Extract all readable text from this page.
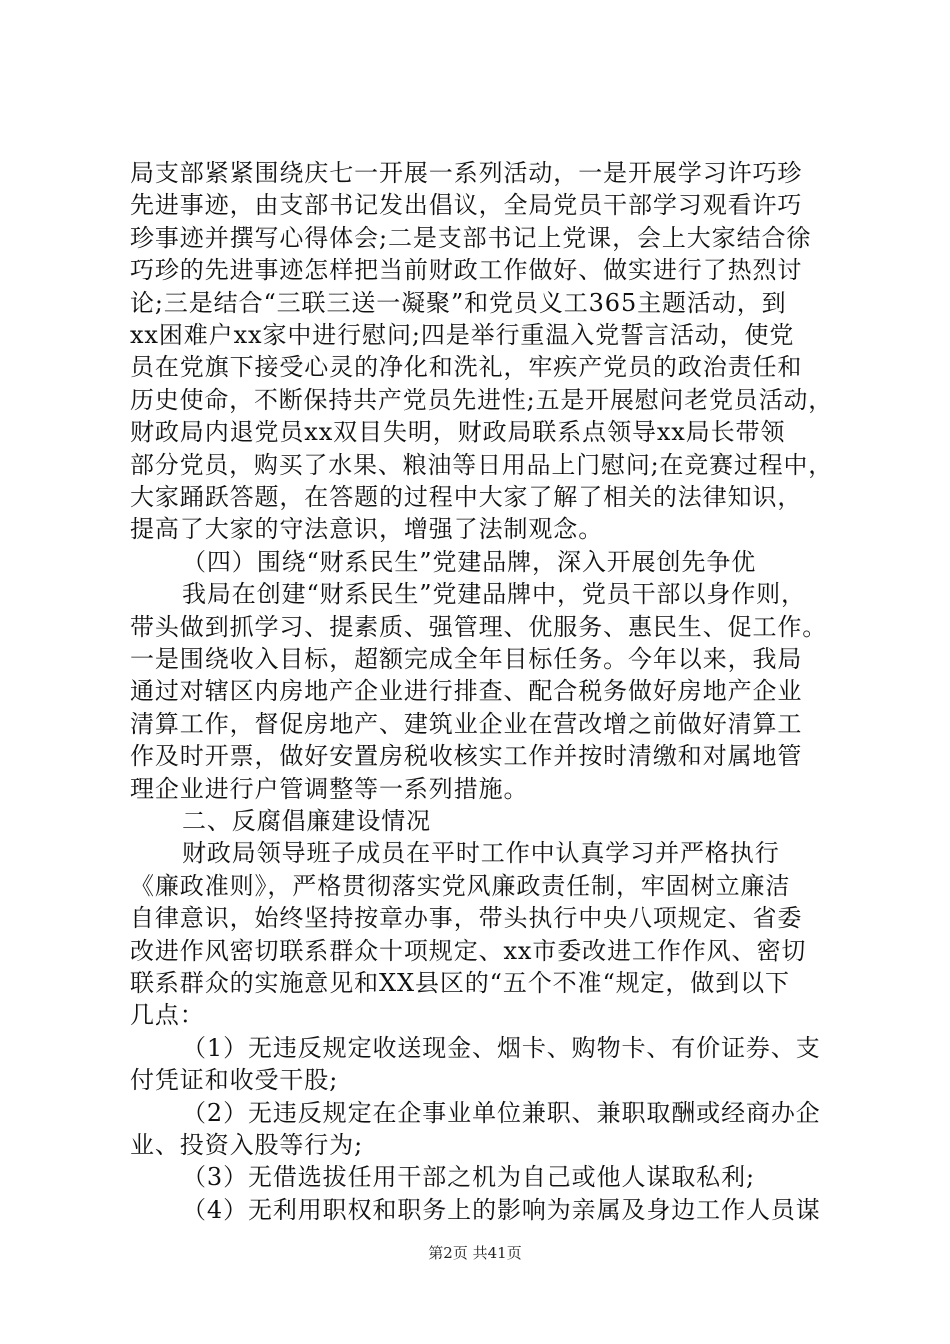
局支部紧紧围绕庆七一开展一系列活动，一是开展学习许巧珍

先进事迹，由支部书记发出倡议，全局党员干部学习观看许巧

珍事迹并撰写心得体会;二是支部书记上党课，会上大家结合徐

巧珍的先进事迹怎样把当前财政工作做好、做实进行了热烈讨

论;三是结合“三联三送一凝聚”和党员义工365主题活动，到

xx困难户xx家中进行慰问;四是举行重温入党誓言活动，使党

员在党旗下接受心灵的净化和洗礼，牢疾产党员的政治责任和

历史使命，不断保持共产党员先进性;五是开展慰问老党员活动，

财政局内退党员xx双目失明，财政局联系点领导xx局长带领

部分党员，购买了水果、粮油等日用品上门慰问;在竞赛过程中，

大家踊跃答题，在答题的过程中大家了解了相关的法律知识，

提高了大家的守法意识，增强了法制观念。

（四）围绕“财系民生”党建品牌，深入开展创先争优

我局在创建“财系民生”党建品牌中，党员干部以身作则，

带头做到抓学习、提素质、强管理、优服务、惠民生、促工作。

一是围绕收入目标，超额完成全年目标任务。今年以来，我局

通过对辖区内房地产企业进行排查、配合税务做好房地产企业

清算工作，督促房地产、建筑业企业在营改增之前做好清算工

作及时开票，做好安置房税收核实工作并按时清缴和对属地管

理企业进行户管调整等一系列措施。

二、反腐倡廉建设情况

财政局领导班子成员在平时工作中认真学习并严格执行

《廉政准则》，严格贯彻落实党风廉政责任制，牢固树立廉洁

自律意识，始终坚持按章办事，带头执行中央八项规定、省委

改进作风密切联系群众十项规定、xx市委改进工作作风、密切

联系群众的实施意见和XX县区的“五个不准“规定，做到以下

几点：

（1）无违反规定收送现金、烟卡、购物卡、有价证券、支

付凭证和收受干股;

（2）无违反规定在企事业单位兼职、兼职取酬或经商办企

业、投资入股等行为;

（3）无借选拔任用干部之机为自己或他人谋取私利;

（4）无利用职权和职务上的影响为亲属及身边工作人员谋

第2页 共41页
